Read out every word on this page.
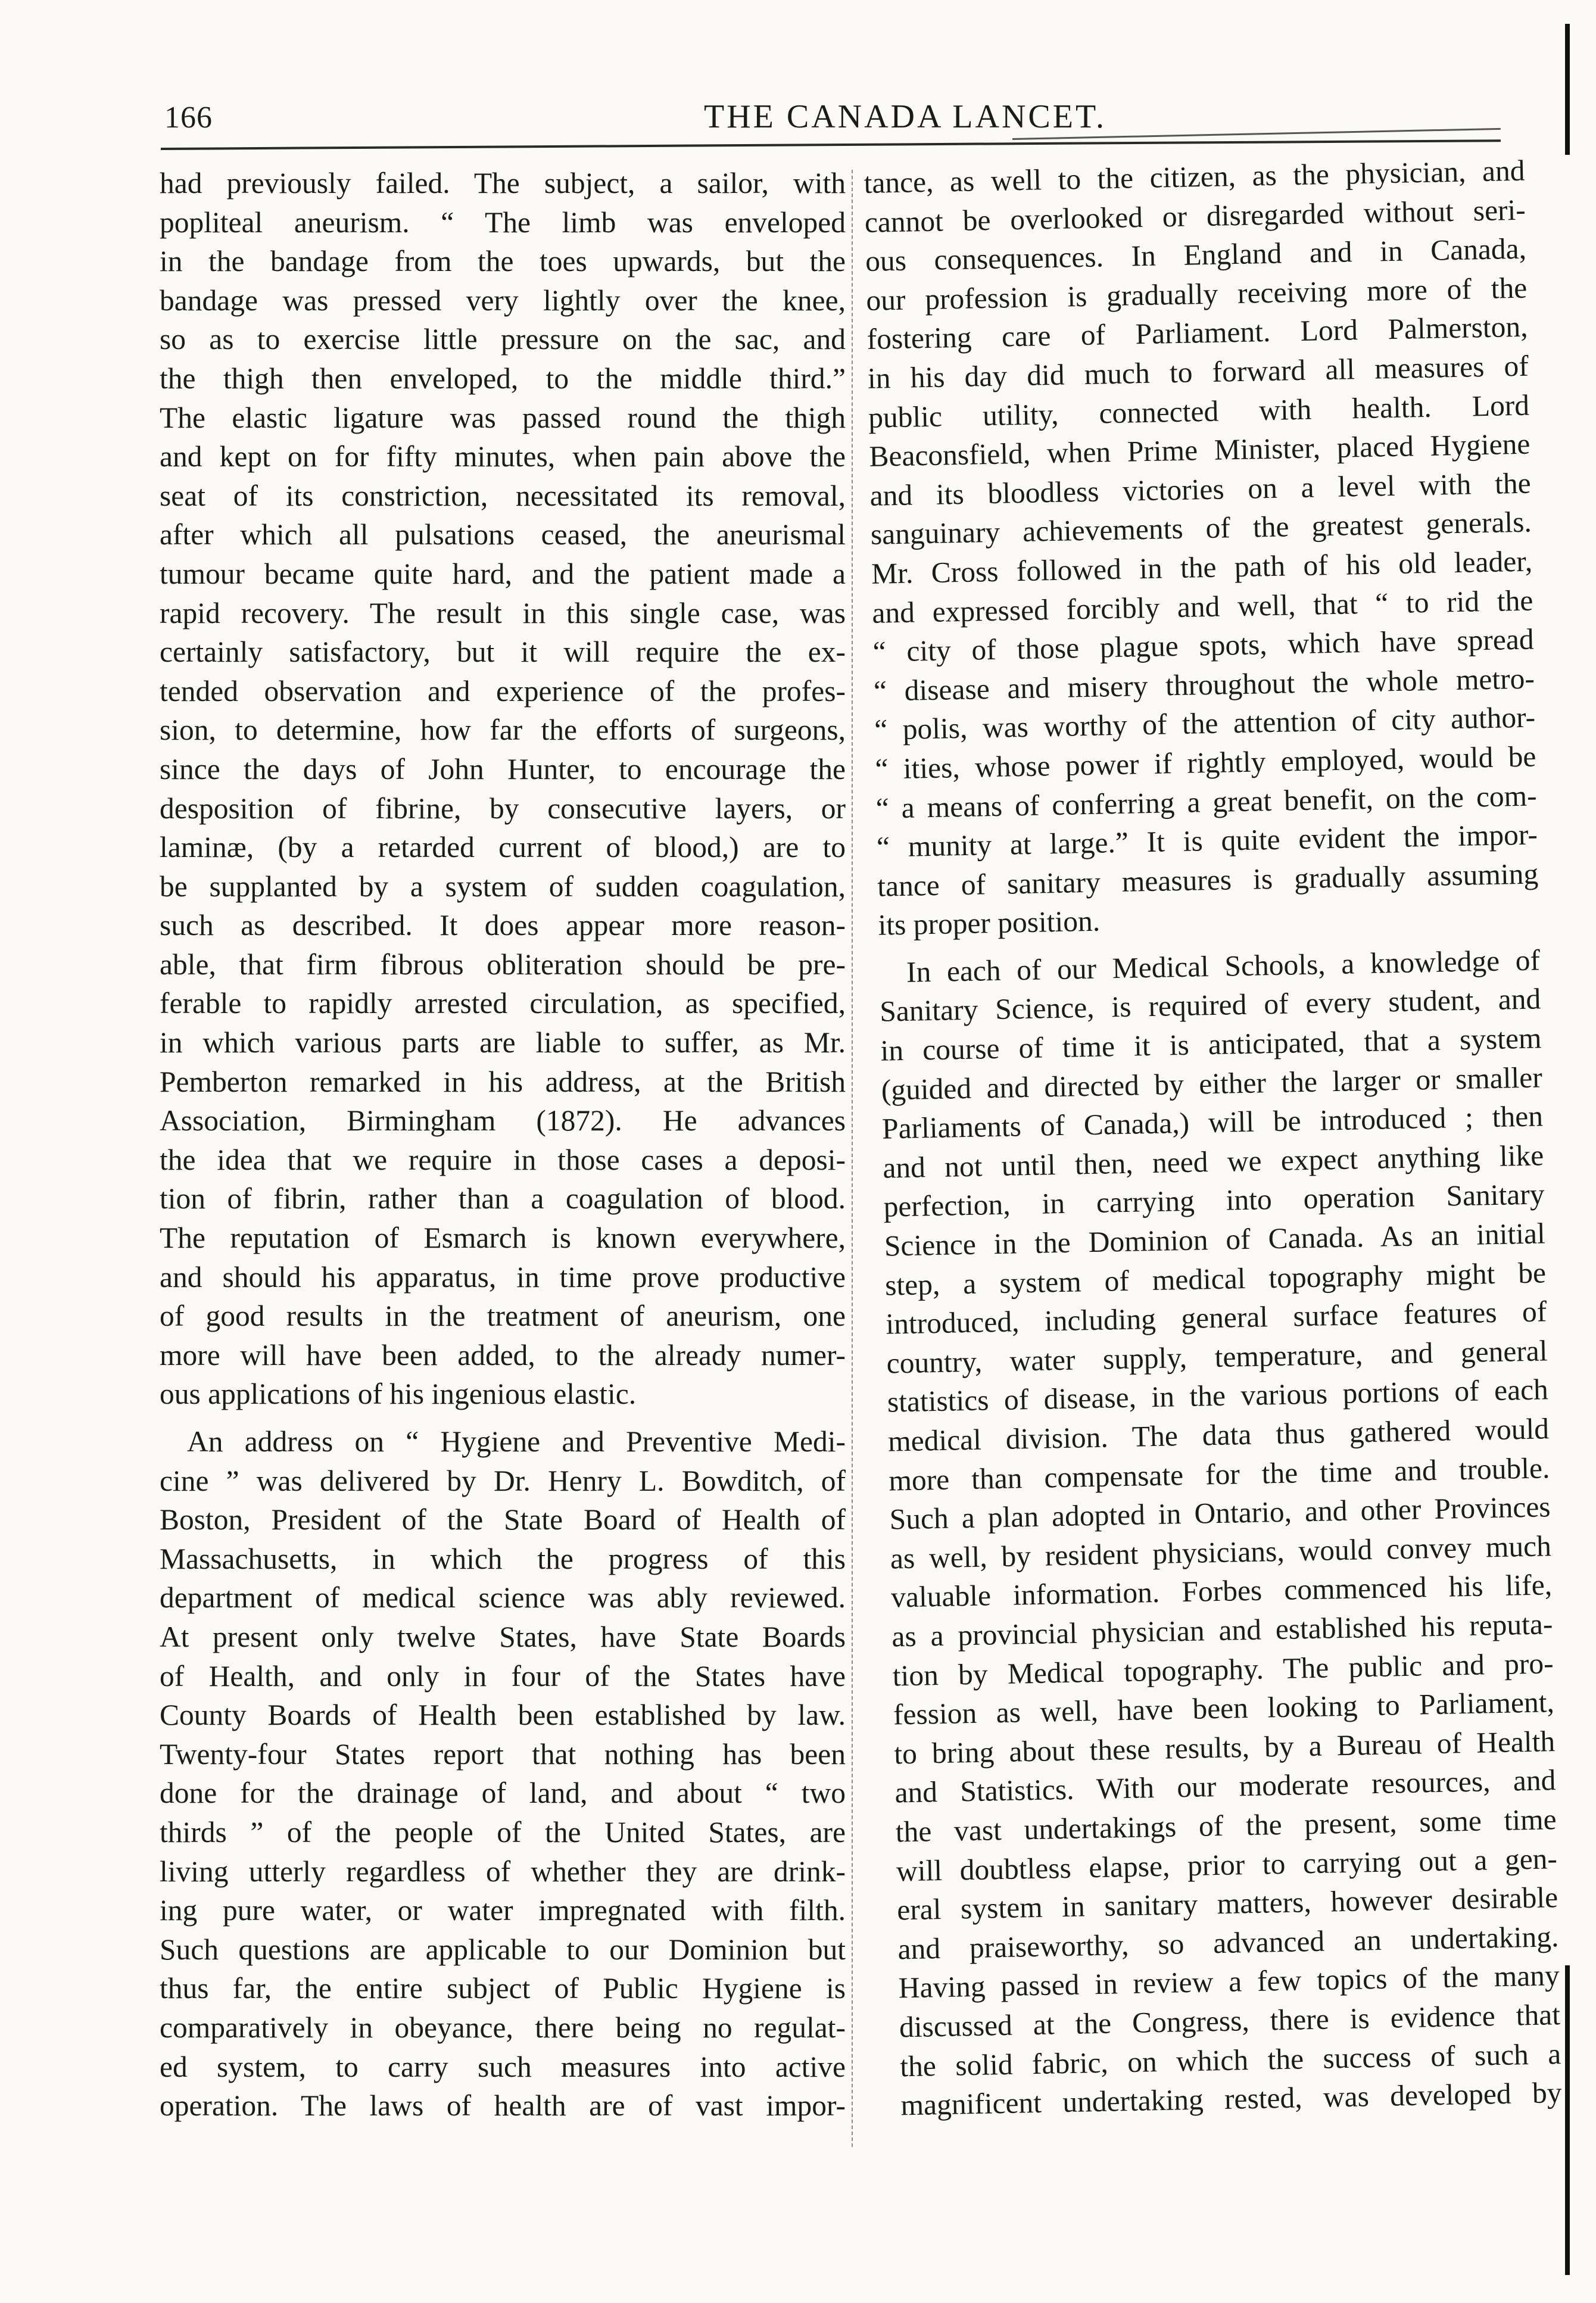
166	THE CANADA LANCET.
had previously failed. The subject, a sailor, with
popliteal aneurism. “ The limb was enveloped
in the bandage from the toes upwards, but the
bandage was pressed very lightly over the knee,
so as to exercise little pressure on the sac, and
the thigh then enveloped, to the middle third.”
The elastic ligature was passed round the thigh
and kept on for fifty minutes, when pain above the
seat of its constriction, necessitated its removal,
after which all pulsations ceased, the aneurismal
tumour became quite hard, and the patient made a
rapid recovery. The result in this single case, was
certainly satisfactory, but it will require the ex-
tended observation and experience of the profes-
sion, to determine, how far the efforts of surgeons,
since the days of John Hunter, to encourage the
desposition of fibrine, by consecutive layers, or
laminæ, (by a retarded current of blood,) are to
be supplanted by a system of sudden coagulation,
such as described. It does appear more reason-
able, that firm fibrous obliteration should be pre-
ferable to rapidly arrested circulation, as specified,
in which various parts are liable to suffer, as Mr.
Pemberton remarked in his address, at the British
Association, Birmingham (1872). He advances
the idea that we require in those cases a deposi-
tion of fibrin, rather than a coagulation of blood.
The reputation of Esmarch is known everywhere,
and should his apparatus, in time prove productive
of good results in the treatment of aneurism, one
more will have been added, to the already numer-
ous applications of his ingenious elastic.
An address on “ Hygiene and Preventive Medi-
cine ” was delivered by Dr. Henry L. Bowditch, of
Boston, President of the State Board of Health of
Massachusetts, in which the progress of this
department of medical science was ably reviewed.
At present only twelve States, have State Boards
of Health, and only in four of the States have
County Boards of Health been established by law.
Twenty-four States report that nothing has been
done for the drainage of land, and about “ two
thirds ” of the people of the United States, are
living utterly regardless of whether they are drink-
ing pure water, or water impregnated with filth.
Such questions are applicable to our Dominion but
thus far, the entire subject of Public Hygiene is
comparatively in obeyance, there being no regulat-
ed system, to carry such measures into active
operation. The laws of health are of vast impor-
tance, as well to the citizen, as the physician, and
cannot be overlooked or disregarded without seri-
ous consequences. In England and in Canada,
our profession is gradually receiving more of the
fostering care of Parliament. Lord Palmerston,
in his day did much to forward all measures of
public utility, connected with health. Lord
Beaconsfield, when Prime Minister, placed Hygiene
and its bloodless victories on a level with the
sanguinary achievements of the greatest generals.
Mr. Cross followed in the path of his old leader,
and expressed forcibly and well, that “ to rid the
“ city of those plague spots, which have spread
“ disease and misery throughout the whole metro-
“ polis, was worthy of the attention of city author-
“ ities, whose power if rightly employed, would be
“ a means of conferring a great benefit, on the com-
“ munity at large.” It is quite evident the impor-
tance of sanitary measures is gradually assuming
its proper position.
In each of our Medical Schools, a knowledge of
Sanitary Science, is required of every student, and
in course of time it is anticipated, that a system
(guided and directed by either the larger or smaller
Parliaments of Canada,) will be introduced ; then
and not until then, need we expect anything like
perfection, in carrying into operation Sanitary
Science in the Dominion of Canada. As an initial
step, a system of medical topography might be
introduced, including general surface features of
country, water supply, temperature, and general
statistics of disease, in the various portions of each
medical division. The data thus gathered would
more than compensate for the time and trouble.
Such a plan adopted in Ontario, and other Provinces
as well, by resident physicians, would convey much
valuable information. Forbes commenced his life,
as a provincial physician and established his reputa-
tion by Medical topography. The public and pro-
fession as well, have been looking to Parliament,
to bring about these results, by a Bureau of Health
and Statistics. With our moderate resources, and
the vast undertakings of the present, some time
will doubtless elapse, prior to carrying out a gen-
eral system in sanitary matters, however desirable
and praiseworthy, so advanced an undertaking.
Having passed in review a few topics of the many
discussed at the Congress, there is evidence that
the solid fabric, on which the success of such a
magnificent undertaking rested, was developed by
